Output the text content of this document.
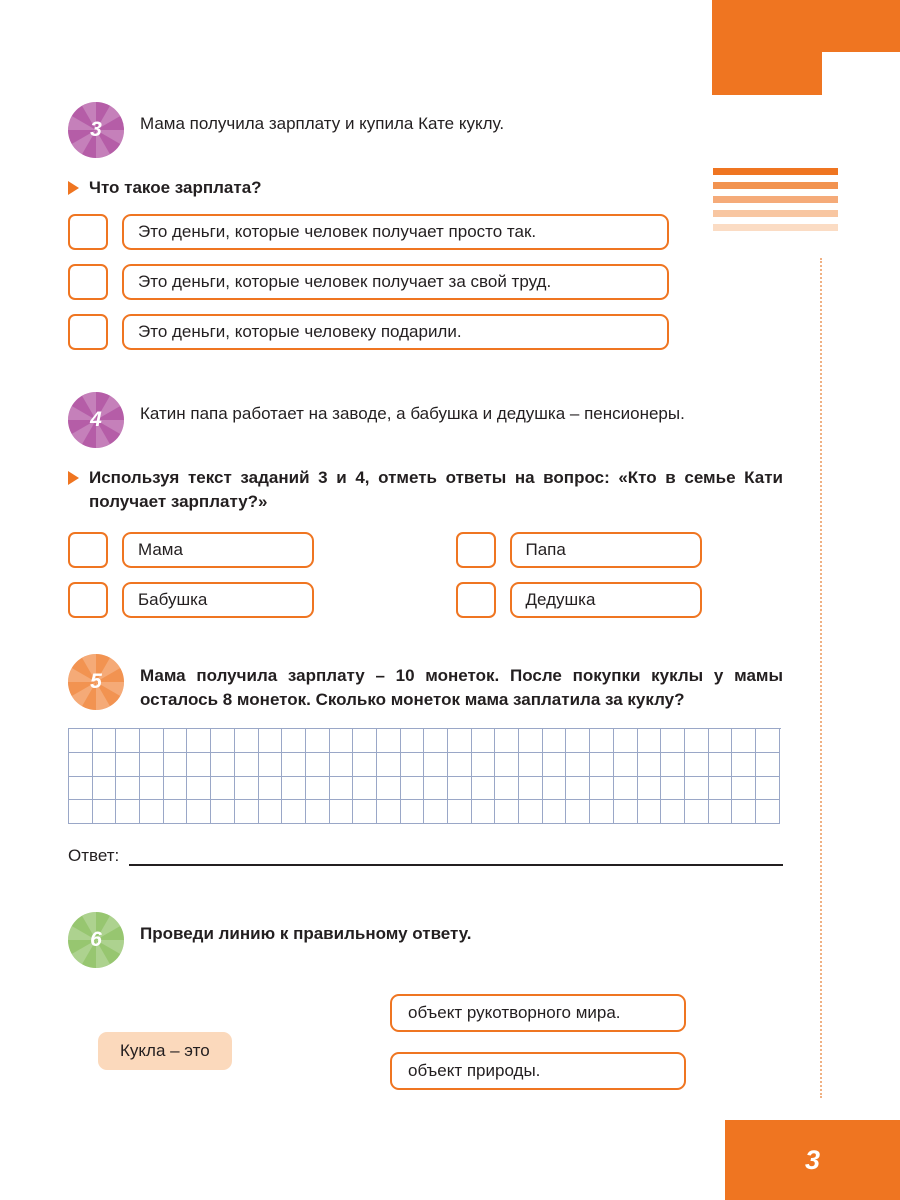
3
3 Мама получила зарплату и купила Кате куклу.
Что такое зарплата?
Это деньги, которые человек получает просто так.
Это деньги, которые человек получает за свой труд.
Это деньги, которые человеку подарили.
4 Катин папа работает на заводе, а бабушка и дедушка – пенсионеры.
Используя текст заданий 3 и 4, отметь ответы на вопрос: «Кто в семье Кати получает зарплату?»
Мама	Папа
Бабушка	Дедушка
5 Мама получила зарплату – 10 монеток. После покупки куклы у мамы осталось 8 монеток. Сколько монеток мама заплатила за куклу?
Ответ:
6 Проведи линию к правильному ответу.
Кукла – это
объект рукотворного мира.
объект природы.
